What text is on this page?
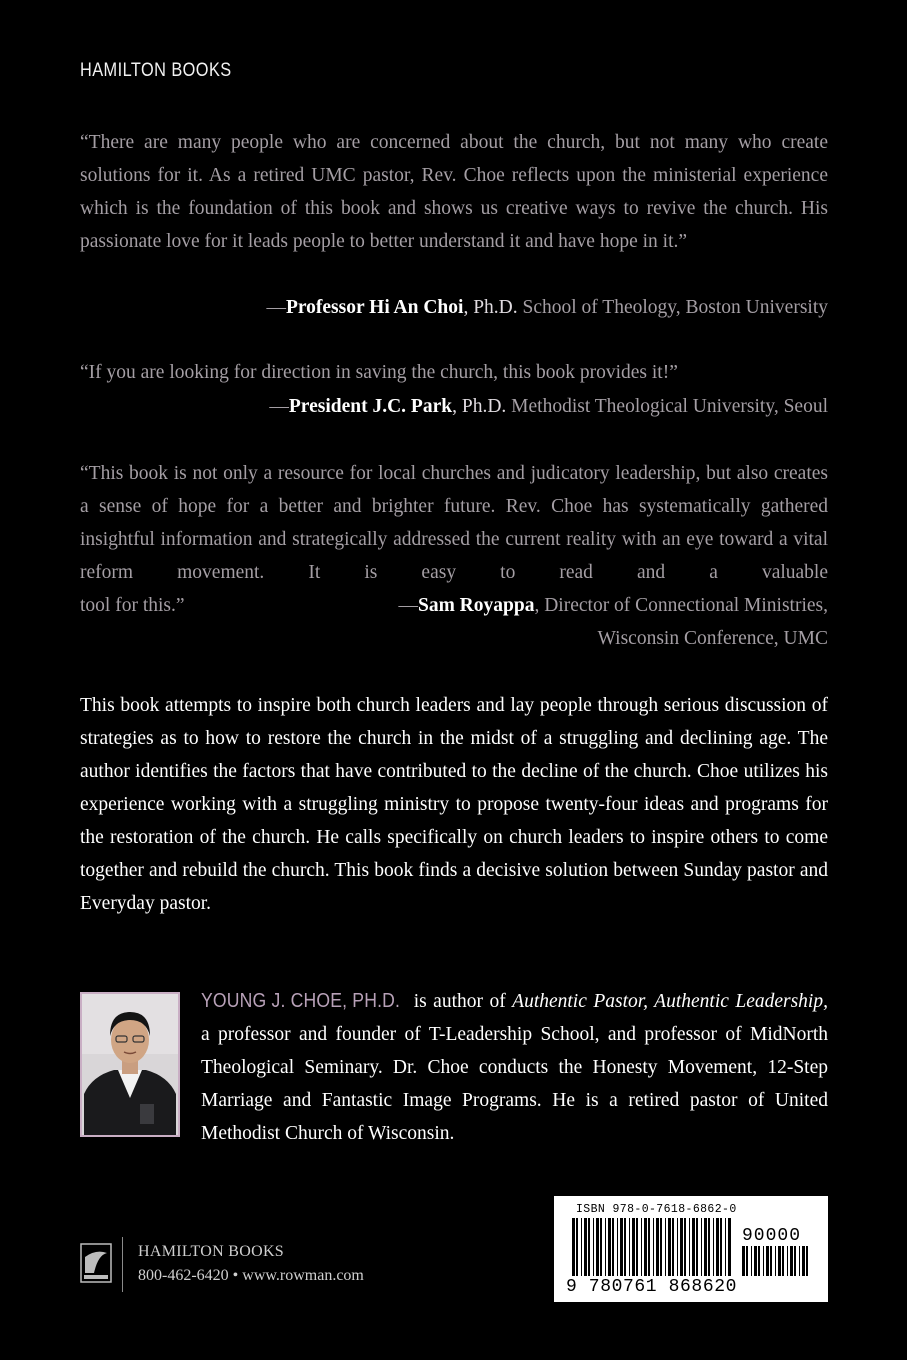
HAMILTON BOOKS
“There are many people who are concerned about the church, but not many who create solutions for it. As a retired UMC pastor, Rev. Choe reflects upon the ministerial experience which is the foundation of this book and shows us creative ways to revive the church. His passionate love for it leads people to better understand it and have hope in it.”
—Professor Hi An Choi, Ph.D. School of Theology, Boston University
“If you are looking for direction in saving the church, this book provides it!”
—President J.C. Park, Ph.D. Methodist Theological University, Seoul
“This book is not only a resource for local churches and judicatory leadership, but also creates a sense of hope for a better and brighter future. Rev. Choe has systematically gathered insightful information and strategically addressed the current reality with an eye toward a vital reform movement. It is easy to read and a valuable
tool for this.”	—Sam Royappa, Director of Connectional Ministries,
Wisconsin Conference, UMC
This book attempts to inspire both church leaders and lay people through serious discussion of strategies as to how to restore the church in the midst of a struggling and declining age. The author identifies the factors that have contributed to the decline of the church. Choe utilizes his experience working with a struggling ministry to propose twenty-four ideas and programs for the restoration of the church. He calls specifically on church leaders to inspire others to come together and rebuild the church. This book finds a decisive solution between Sunday pastor and Everyday pastor.
YOUNG J. CHOE, PH.D. is author of Authentic Pastor, Authentic Leadership, a professor and founder of T-Leadership School, and professor of MidNorth Theological Seminary. Dr. Choe conducts the Honesty Movement, 12-Step Marriage and Fantastic Image Programs. He is a retired pastor of United Methodist Church of Wisconsin.
HAMILTON BOOKS
800-462-6420 • www.rowman.com
ISBN 978-0-7618-6862-0
90000
9 780761 868620
